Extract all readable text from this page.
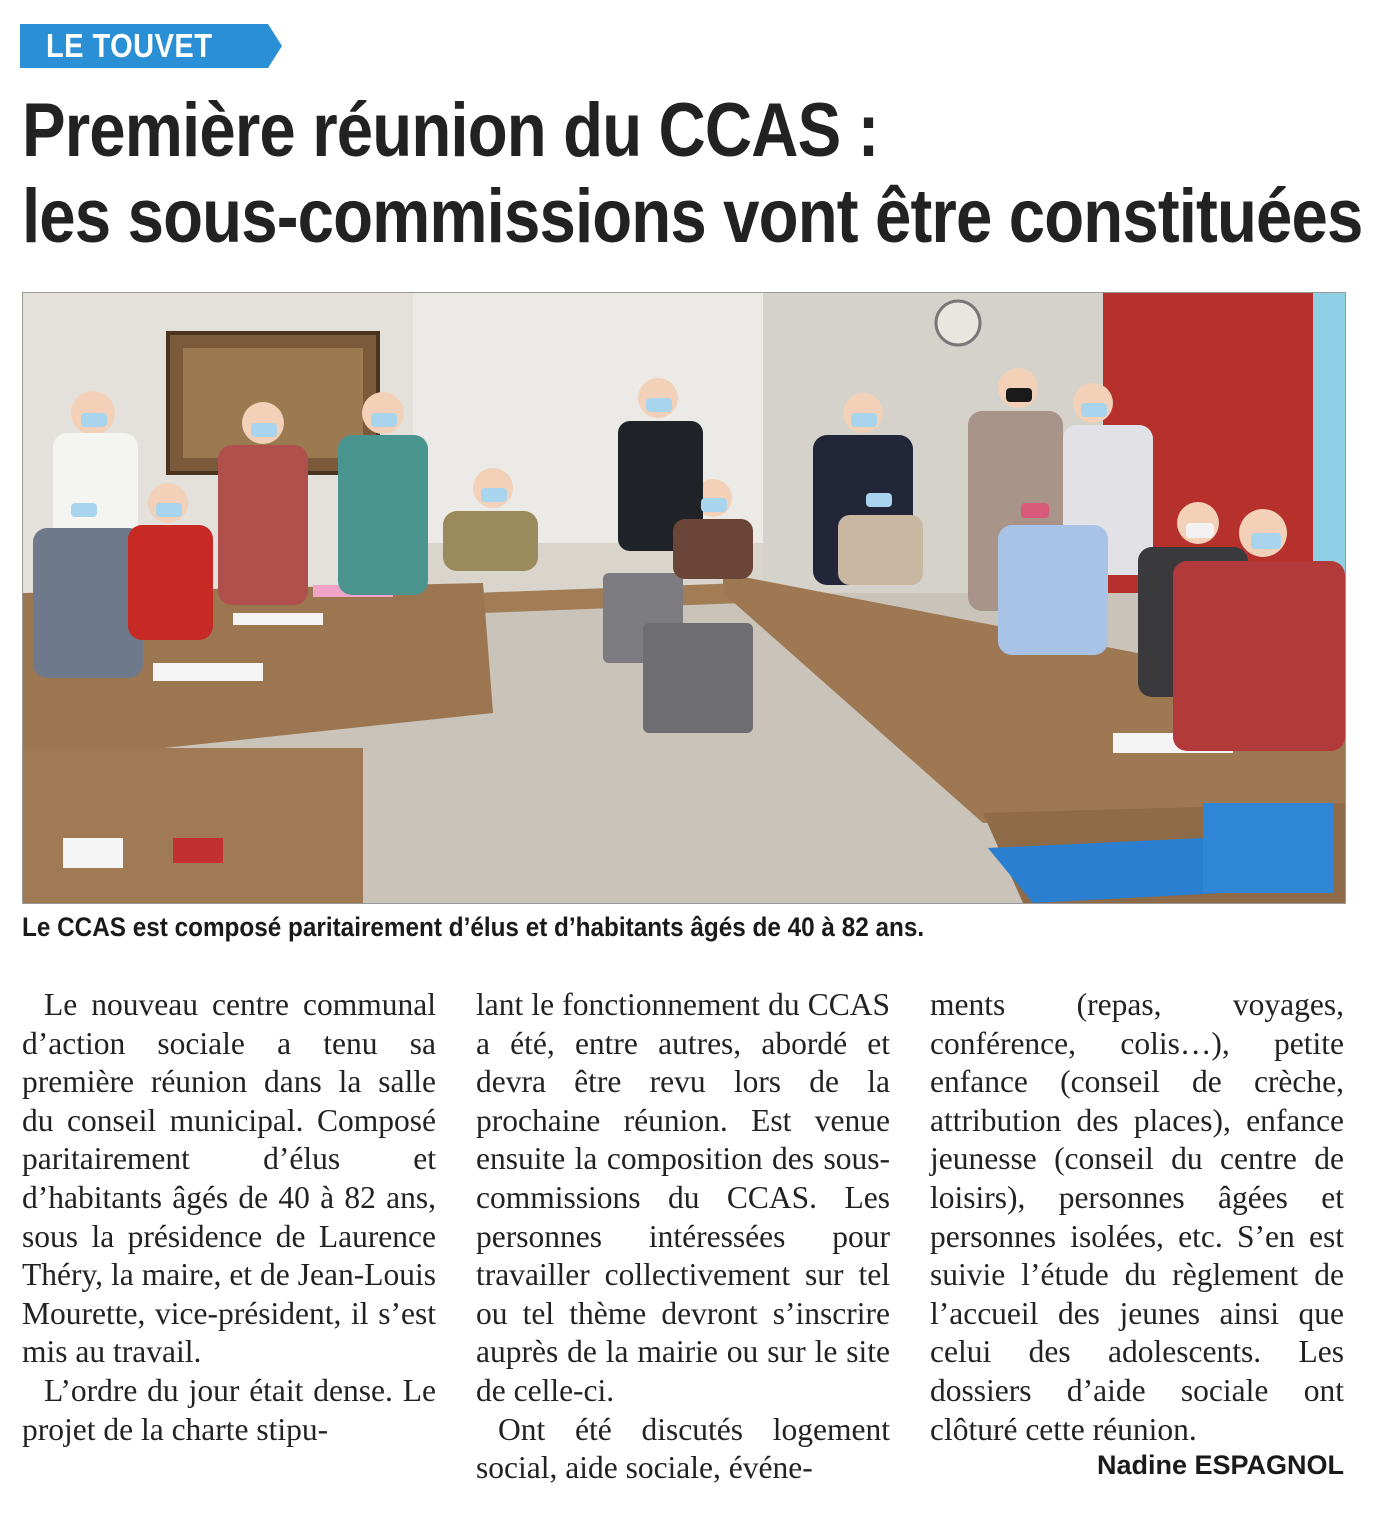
LE TOUVET
Première réunion du CCAS :
les sous-commissions vont être constituées
Le CCAS est composé paritairement d’élus et d’habitants âgés de 40 à 82 ans.

Le nouveau centre communal d’action sociale a tenu sa première réunion dans la salle du conseil municipal. Composé paritairement d’élus et d’habitants âgés de 40 à 82 ans, sous la présidence de Laurence Théry, la maire, et de Jean-Louis Mourette, vice-président, il s’est mis au travail.

L’ordre du jour était dense. Le projet de la charte stipu-

lant le fonctionnement du CCAS a été, entre autres, abordé et devra être revu lors de la prochaine réunion. Est venue ensuite la composition des sous-commissions du CCAS. Les personnes intéressées pour travailler collectivement sur tel ou tel thème devront s’inscrire auprès de la mairie ou sur le site de celle-ci.

Ont été discutés logement social, aide sociale, événe-

ments (repas, voyages, conférence, colis…), petite enfance (conseil de crèche, attribution des places), enfance jeunesse (conseil du centre de loisirs), personnes âgées et personnes isolées, etc. S’en est suivie l’étude du règlement de l’accueil des jeunes ainsi que celui des adolescents. Les dossiers d’aide sociale ont clôturé cette réunion.

Nadine ESPAGNOL
